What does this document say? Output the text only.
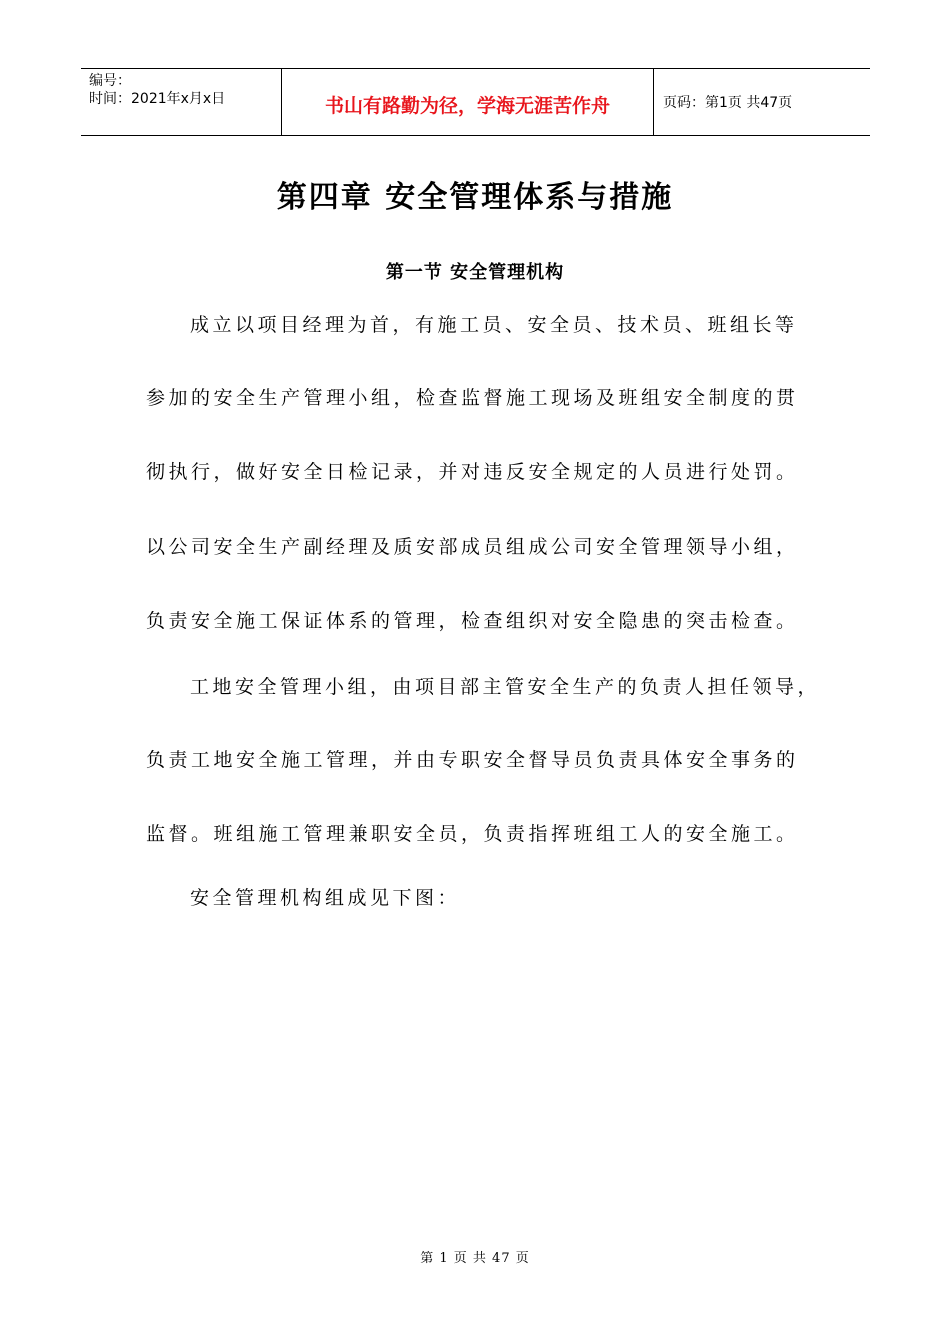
编号：
时间：2021年x月x日	书山有路勤为径，学海无涯苦作舟	页码：第1页 共47页
第四章 安全管理体系与措施
第一节 安全管理机构
成立以项目经理为首，有施工员、安全员、技术员、班组长等
参加的安全生产管理小组，检查监督施工现场及班组安全制度的贯
彻执行，做好安全日检记录，并对违反安全规定的人员进行处罚。
以公司安全生产副经理及质安部成员组成公司安全管理领导小组，
负责安全施工保证体系的管理，检查组织对安全隐患的突击检查。
工地安全管理小组，由项目部主管安全生产的负责人担任领导，
负责工地安全施工管理，并由专职安全督导员负责具体安全事务的
监督。班组施工管理兼职安全员，负责指挥班组工人的安全施工。
安全管理机构组成见下图：
第 1 页 共 47 页
